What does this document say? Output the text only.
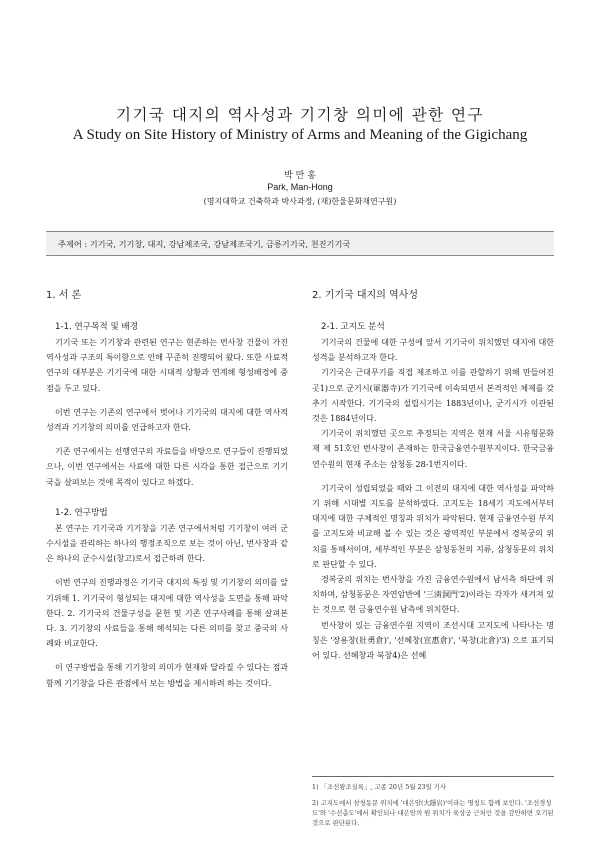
기기국 대지의 역사성과 기기창 의미에 관한 연구
A Study on Site History of Ministry of Arms and Meaning of the Gigichang
박 만 홍
Park, Man-Hong
(명지대학교 건축학과 박사과정, (재)한울문화재연구원)
주제어 : 기기국, 기기창, 대지, 강남제조국, 강남제조국기, 금릉기기국, 천진기기국
1. 서 론
1-1. 연구목적 및 배경

기기국 또는 기기창과 관련된 연구는 현존하는 번사창 건물이 가진 역사성과 구조의 특이함으로 인해 꾸준히 진행되어 왔다. 또한 사료적 연구의 대부분은 기기국에 대한 시대적 상황과 연계해 형성배경에 중점을 두고 있다.

이번 연구는 기존의 연구에서 벗어나 기기국의 대지에 대한 역사적 성격과 기기창의 의미를 언급하고자 한다.

기존 연구에서는 선행연구의 자료들을 바탕으로 연구들이 진행되었으나, 이번 연구에서는 사료에 대한 다른 시각을 통한 접근으로 기기국을 살펴보는 것에 목적이 있다고 하겠다.

1-2. 연구방법

본 연구는 기기국과 기기창을 기존 연구에서처럼 기기창이 여러 군수시설을 관리하는 하나의 행정조직으로 보는 것이 아닌, 번사창과 같은 하나의 군수시설(창고)로서 접근하려 한다.

이번 연구의 진행과정은 기기국 대지의 특징 및 기기창의 의미를 알기위해 1. 기기국이 형성되는 대지에 대한 역사성을 도면을 통해 파악한다. 2. 기기국의 건물구성을 문헌 및 기존 연구사례를 통해 살펴본다. 3. 기기창의 사료들을 통해 해석되는 다른 의미를 찾고 중국의 사례와 비교한다.

이 연구방법을 통해 기기창의 의미가 현재와 달라질 수 있다는 점과 함께 기기창을 다른 관점에서 보는 방법을 제시하려 하는 것이다.

2. 기기국 대지의 역사성
2-1. 고지도 분석

기기국의 건물에 대한 구성에 앞서 기기국이 위치했던 대지에 대한 성격을 분석하고자 한다.

기기국은 근대무기를 직접 제조하고 이를 관할하기 위해 만들어진 곳1)으로 군기시(軍器寺)가 기기국에 이속되면서 본격적인 체제를 갖추기 시작한다. 기기국의 설립시기는 1883년이나, 군기시가 이관된 것은 1884년이다.

기기국이 위치했던 곳으로 추정되는 지역은 현재 서울 시유형문화재 제 51호인 번사창이 존재하는 한국금융연수원부지이다. 한국금융연수원의 현재 주소는 삼청동 28-1번지이다.

기기국이 성립되었을 때와 그 이전의 대지에 대한 역사성을 파악하기 위해 시대별 지도를 분석하였다. 고지도는 18세기 지도에서부터 대지에 대한 구체적인 명칭과 위치가 파악된다. 현재 금융연수원 부지를 고지도와 비교해 볼 수 있는 것은 광역적인 부분에서 경복궁의 위치를 통해서이며, 세부적인 부분은 삼청동천의 지류, 삼청동문의 위치로 판단할 수 있다.

경복궁의 위치는 번사창을 가진 금융연수원에서 남서측 하단에 위치하며, 삼청동문은 자연암반에 '三淸洞門'2)이라는 각자가 새겨져 있는 것으로 현 금융연수원 남측에 위치한다.

번사창이 있는 금융연수원 지역이 조선시대 고지도에 나타나는 명칭은 '장용창(壯勇倉)', '선혜창(宣惠倉)', '북창(北倉)'3) 으로 표기되어 있다. 선혜창과 북창4)은 선혜

1) 「조선왕조실록」, 고종 20년 5월 23일 기사

2) 고지도에서 삼청동문 위치에 '대은암(大隱岩)'이라는 명칭도 함께 보인다. '조선경성도'와 '수선총도'에서 확인되나 대은암의 원 위치가 육상궁 근처인 것을 감안하면 오기된 것으로 판단된다.
